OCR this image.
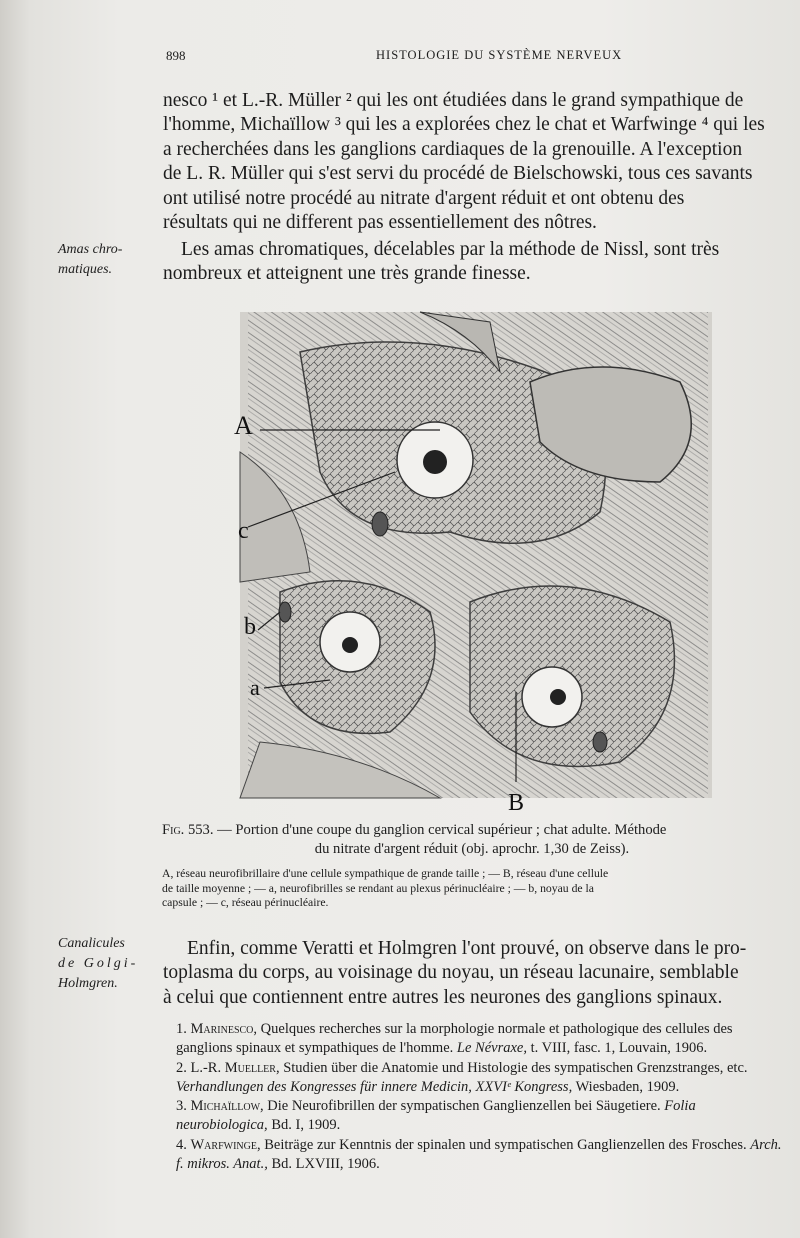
898	HISTOLOGIE DU SYSTÈME NERVEUX
nesco ¹ et L.-R. Müller ² qui les ont étudiées dans le grand sympathique de
l'homme, Michaïllow ³ qui les a explorées chez le chat et Warfwinge ⁴ qui les
a recherchées dans les ganglions cardiaques de la grenouille. A l'exception
de L. R. Müller qui s'est servi du procédé de Bielschowski, tous ces savants
ont utilisé notre procédé au nitrate d'argent réduit et ont obtenu des
résultats qui ne different pas essentiellement des nôtres.
Amas chro-
matiques.
Les amas chromatiques, décelables par la méthode de Nissl, sont très
nombreux et atteignent une très grande finesse.
A
c
b
a
B
Fig. 553. — Portion d'une coupe du ganglion cervical supérieur ; chat adulte. Méthode
du nitrate d'argent réduit (obj. aprochr. 1,30 de Zeiss).
A, réseau neurofibrillaire d'une cellule sympathique de grande taille ; — B, réseau d'une cellule
de taille moyenne ; — a, neurofibrilles se rendant au plexus périnucléaire ; — b, noyau de la
capsule ; — c, réseau périnucléaire.
Canalicules
de Golgi-
Holmgren.
Enfin, comme Veratti et Holmgren l'ont prouvé, on observe dans le pro-
toplasma du corps, au voisinage du noyau, un réseau lacunaire, semblable
à celui que contiennent entre autres les neurones des ganglions spinaux.

1. Marinesco, Quelques recherches sur la morphologie normale et pathologique des cellules des ganglions spinaux et sympathiques de l'homme. Le Névraxe, t. VIII, fasc. 1, Louvain, 1906.

2. L.-R. Mueller, Studien über die Anatomie und Histologie des sympatischen Grenzstranges, etc. Verhandlungen des Kongresses für innere Medicin, XXVIᵉ Kongress, Wiesbaden, 1909.

3. Michaïllow, Die Neurofibrillen der sympatischen Ganglienzellen bei Säugetiere. Folia neurobiologica, Bd. I, 1909.

4. Warfwinge, Beiträge zur Kenntnis der spinalen und sympatischen Ganglienzellen des Frosches. Arch. f. mikros. Anat., Bd. LXVIII, 1906.
